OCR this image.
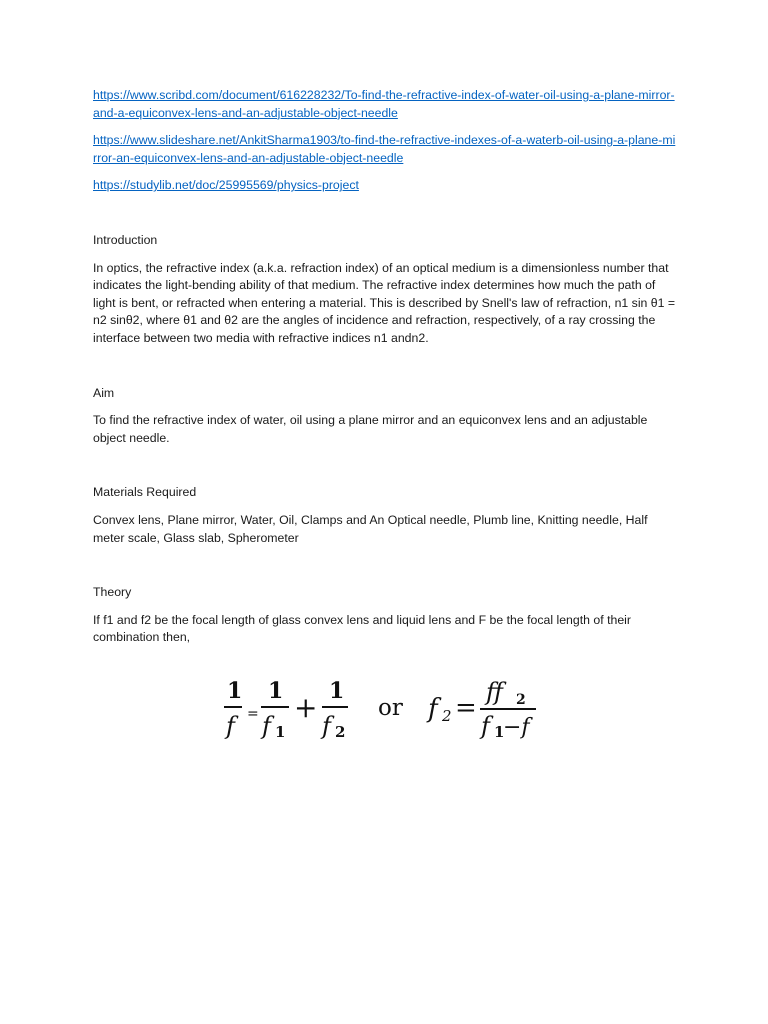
https://www.scribd.com/document/616228232/To-find-the-refractive-index-of-water-oil-using-a-plane-mirror-and-a-equiconvex-lens-and-an-adjustable-object-needle
https://www.slideshare.net/AnkitSharma1903/to-find-the-refractive-indexes-of-a-waterb-oil-using-a-plane-mirror-an-equiconvex-lens-and-an-adjustable-object-needle
https://studylib.net/doc/25995569/physics-project

Introduction

In optics, the refractive index (a.k.a. refraction index) of an optical medium is a dimensionless number that indicates the light-bending ability of that medium. The refractive index determines how much the path of light is bent, or refracted when entering a material. This is described by Snell's law of refraction, n1 sin θ1 = n2 sinθ2, where θ1 and θ2 are the angles of incidence and refraction, respectively, of a ray crossing the interface between two media with refractive indices n1 andn2.

Aim

To find the refractive index of water, oil using a plane mirror and an equiconvex lens and an adjustable object needle.

Materials Required

Convex lens, Plane mirror, Water, Oil, Clamps and An Optical needle, Plumb line, Knitting needle, Half meter scale, Glass slab, Spherometer

Theory

If f1 and f2 be the focal length of glass convex lens and liquid lens and F be the focal length of their combination then,

1
f =
1
f 1
+ 1
f 2
or f 2 =
ff 2
f 1
−f
